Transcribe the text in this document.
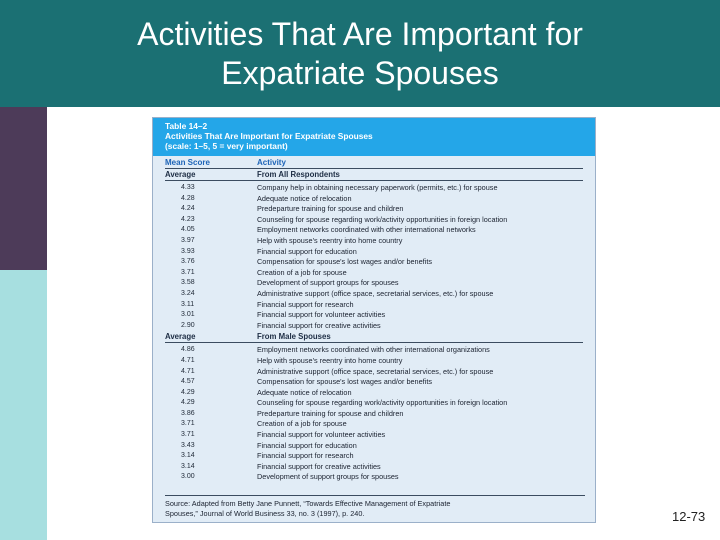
Activities That Are Important for
Expatriate Spouses
Table 14–2
Activities That Are Important for Expatriate Spouses
(scale: 1–5, 5 = very important)
Mean Score	Activity
Average	From All Respondents
4.33	Company help in obtaining necessary paperwork (permits, etc.) for spouse
4.28	Adequate notice of relocation
4.24	Predeparture training for spouse and children
4.23	Counseling for spouse regarding work/activity opportunities in foreign location
4.05	Employment networks coordinated with other international networks
3.97	Help with spouse's reentry into home country
3.93	Financial support for education
3.76	Compensation for spouse's lost wages and/or benefits
3.71	Creation of a job for spouse
3.58	Development of support groups for spouses
3.24	Administrative support (office space, secretarial services, etc.) for spouse
3.11	Financial support for research
3.01	Financial support for volunteer activities
2.90	Financial support for creative activities
Average	From Male Spouses
4.86	Employment networks coordinated with other international organizations
4.71	Help with spouse's reentry into home country
4.71	Administrative support (office space, secretarial services, etc.) for spouse
4.57	Compensation for spouse's lost wages and/or benefits
4.29	Adequate notice of relocation
4.29	Counseling for spouse regarding work/activity opportunities in foreign location
3.86	Predeparture training for spouse and children
3.71	Creation of a job for spouse
3.71	Financial support for volunteer activities
3.43	Financial support for education
3.14	Financial support for research
3.14	Financial support for creative activities
3.00	Development of support groups for spouses
Source: Adapted from Betty Jane Punnett, “Towards Effective Management of Expatriate
Spouses,” Journal of World Business 33, no. 3 (1997), p. 240.	12-73
